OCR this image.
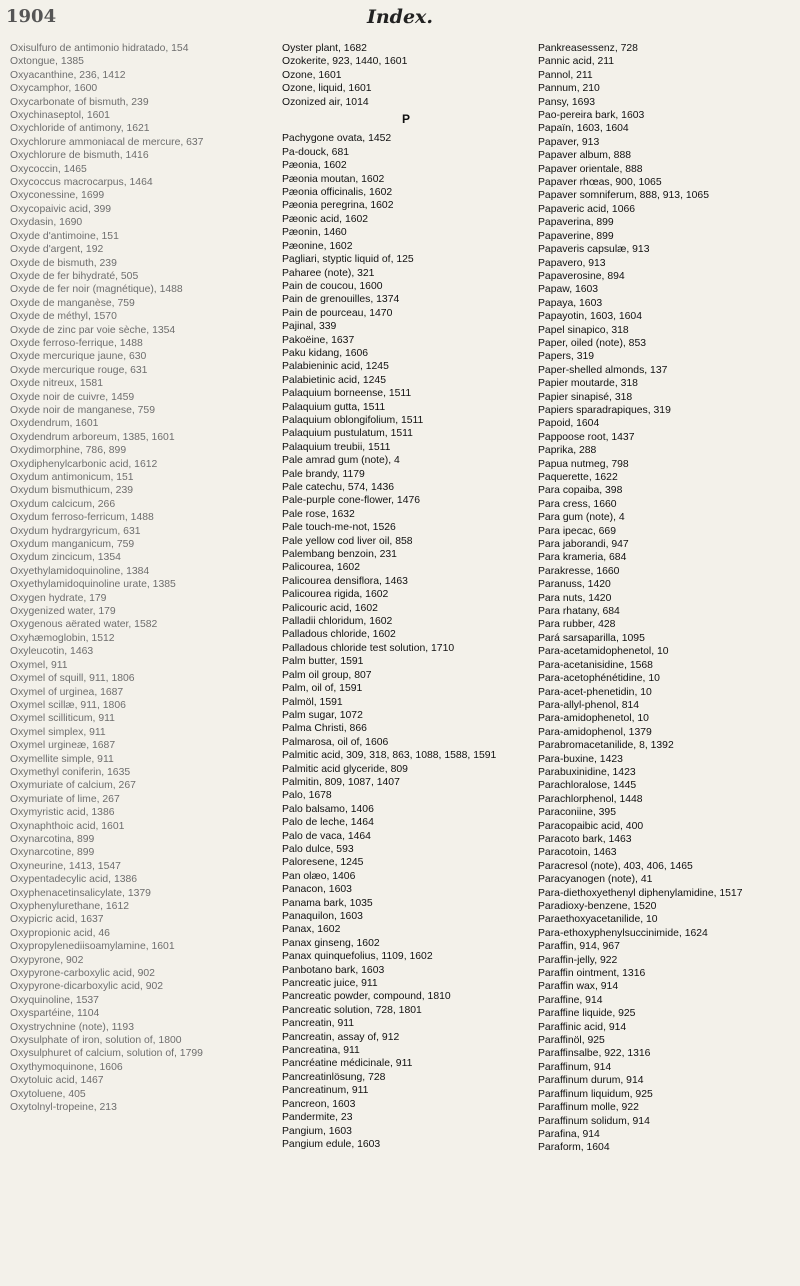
1904	Index.
Oxisulfuro de antimonio hidratado, 154
Oxtongue, 1385
Oxyacanthine, 236, 1412
Oxycamphor, 1600
Oxycarbonate of bismuth, 239
Oxychinaseptol, 1601
Oxychloride of antimony, 1621
Oxychlorure ammoniacal de mercure, 637
Oxychlorure de bismuth, 1416
Oxycoccin, 1465
Oxycoccus macrocarpus, 1464
Oxyconessine, 1699
Oxycopaivic acid, 399
Oxydasin, 1690
Oxyde d'antimoine, 151
Oxyde d'argent, 192
Oxyde de bismuth, 239
Oxyde de fer bihydraté, 505
Oxyde de fer noir (magnétique), 1488
Oxyde de manganèse, 759
Oxyde de méthyl, 1570
Oxyde de zinc par voie sèche, 1354
Oxyde ferroso-ferrique, 1488
Oxyde mercurique jaune, 630
Oxyde mercurique rouge, 631
Oxyde nitreux, 1581
Oxyde noir de cuivre, 1459
Oxyde noir de manganese, 759
Oxydendrum, 1601
Oxydendrum arboreum, 1385, 1601
Oxydimorphine, 786, 899
Oxydiphenylcarbonic acid, 1612
Oxydum antimonicum, 151
Oxydum bismuthicum, 239
Oxydum calcicum, 266
Oxydum ferroso-ferricum, 1488
Oxydum hydrargyricum, 631
Oxydum manganicum, 759
Oxydum zincicum, 1354
Oxyethylamidoquinoline, 1384
Oxyethylamidoquinoline urate, 1385
Oxygen hydrate, 179
Oxygenized water, 179
Oxygenous aërated water, 1582
Oxyhæmoglobin, 1512
Oxyleucotin, 1463
Oxymel, 911
Oxymel of squill, 911, 1806
Oxymel of urginea, 1687
Oxymel scillæ, 911, 1806
Oxymel scilliticum, 911
Oxymel simplex, 911
Oxymel urgineæ, 1687
Oxymellite simple, 911
Oxymethyl coniferin, 1635
Oxymuriate of calcium, 267
Oxymuriate of lime, 267
Oxymyristic acid, 1386
Oxynaphthoic acid, 1601
Oxynarcotina, 899
Oxynarcotine, 899
Oxyneurine, 1413, 1547
Oxypentadecylic acid, 1386
Oxyphenacetinsalicylate, 1379
Oxyphenylurethane, 1612
Oxypicric acid, 1637
Oxypropionic acid, 46
Oxypropylenediisoamylamine, 1601
Oxypyrone, 902
Oxypyrone-carboxylic acid, 902
Oxypyrone-dicarboxylic acid, 902
Oxyquinoline, 1537
Oxyspartéine, 1104
Oxystrychnine (note), 1193
Oxysulphate of iron, solution of, 1800
Oxysulphuret of calcium, solution of, 1799
Oxythymoquinone, 1606
Oxytoluic acid, 1467
Oxytoluene, 405
Oxytolnyl-tropeine, 213
Oyster plant, 1682
Ozokerite, 923, 1440, 1601
Ozone, 1601
Ozone, liquid, 1601
Ozonized air, 1014
P
Pachygone ovata, 1452
Pa-douck, 681
Pæonia, 1602
Pæonia moutan, 1602
Pæonia officinalis, 1602
Pæonia peregrina, 1602
Pæonic acid, 1602
Pæonin, 1460
Pæonine, 1602
Pagliari, styptic liquid of, 125
Paharee (note), 321
Pain de coucou, 1600
Pain de grenouilles, 1374
Pain de pourceau, 1470
Pajinal, 339
Pakoëine, 1637
Paku kidang, 1606
Palabieninic acid, 1245
Palabietinic acid, 1245
Palaquium borneense, 1511
Palaquium gutta, 1511
Palaquium oblongifolium, 1511
Palaquium pustulatum, 1511
Palaquium treubii, 1511
Pale amrad gum (note), 4
Pale brandy, 1179
Pale catechu, 574, 1436
Pale-purple cone-flower, 1476
Pale rose, 1632
Pale touch-me-not, 1526
Pale yellow cod liver oil, 858
Palembang benzoin, 231
Palicourea, 1602
Palicourea densiflora, 1463
Palicourea rigida, 1602
Palicouric acid, 1602
Palladii chloridum, 1602
Palladous chloride, 1602
Palladous chloride test solution, 1710
Palm butter, 1591
Palm oil group, 807
Palm, oil of, 1591
Palmöl, 1591
Palm sugar, 1072
Palma Christi, 866
Palmarosa, oil of, 1606
Palmitic acid, 309, 318, 863, 1088, 1588, 1591
Palmitic acid glyceride, 809
Palmitin, 809, 1087, 1407
Palo, 1678
Palo balsamo, 1406
Palo de leche, 1464
Palo de vaca, 1464
Palo dulce, 593
Paloresene, 1245
Pan olæo, 1406
Panacon, 1603
Panama bark, 1035
Panaquilon, 1603
Panax, 1602
Panax ginseng, 1602
Panax quinquefolius, 1109, 1602
Panbotano bark, 1603
Pancreatic juice, 911
Pancreatic powder, compound, 1810
Pancreatic solution, 728, 1801
Pancreatin, 911
Pancreatin, assay of, 912
Pancreatina, 911
Pancréatine médicinale, 911
Pancreatinlösung, 728
Pancreatinum, 911
Pancreon, 1603
Pandermite, 23
Pangium, 1603
Pangium edule, 1603
Pankreasessenz, 728
Pannic acid, 211
Pannol, 211
Pannum, 210
Pansy, 1693
Pao-pereira bark, 1603
Papaïn, 1603, 1604
Papaver, 913
Papaver album, 888
Papaver orientale, 888
Papaver rhœas, 900, 1065
Papaver somniferum, 888, 913, 1065
Papaveric acid, 1066
Papaverina, 899
Papaverine, 899
Papaveris capsulæ, 913
Papavero, 913
Papaverosine, 894
Papaw, 1603
Papaya, 1603
Papayotin, 1603, 1604
Papel sinapico, 318
Paper, oiled (note), 853
Papers, 319
Paper-shelled almonds, 137
Papier moutarde, 318
Papier sinapisé, 318
Papiers sparadrapiques, 319
Papoid, 1604
Pappoose root, 1437
Paprika, 288
Papua nutmeg, 798
Paquerette, 1622
Para copaiba, 398
Para cress, 1660
Para gum (note), 4
Para ipecac, 669
Para jaborandi, 947
Para krameria, 684
Parakresse, 1660
Paranuss, 1420
Para nuts, 1420
Para rhatany, 684
Para rubber, 428
Pará sarsaparilla, 1095
Para-acetamidophenetol, 10
Para-acetanisidine, 1568
Para-acetophénétidine, 10
Para-acet-phenetidin, 10
Para-allyl-phenol, 814
Para-amidophenetol, 10
Para-amidophenol, 1379
Parabromacetanilide, 8, 1392
Para-buxine, 1423
Parabuxinidine, 1423
Parachloralose, 1445
Parachlorphenol, 1448
Paraconiine, 395
Paracopaibic acid, 400
Paracoto bark, 1463
Paracotoin, 1463
Paracresol (note), 403, 406, 1465
Paracyanogen (note), 41
Para-diethoxyethenyl diphenylamidine, 1517
Paradioxy-benzene, 1520
Paraethoxyacetanilide, 10
Para-ethoxyphenylsuccinimide, 1624
Paraffin, 914, 967
Paraffin-jelly, 922
Paraffin ointment, 1316
Paraffin wax, 914
Paraffine, 914
Paraffine liquide, 925
Paraffinic acid, 914
Paraffinöl, 925
Paraffinsalbe, 922, 1316
Paraffinum, 914
Paraffinum durum, 914
Paraffinum liquidum, 925
Paraffinum molle, 922
Paraffinum solidum, 914
Parafina, 914
Paraform, 1604
